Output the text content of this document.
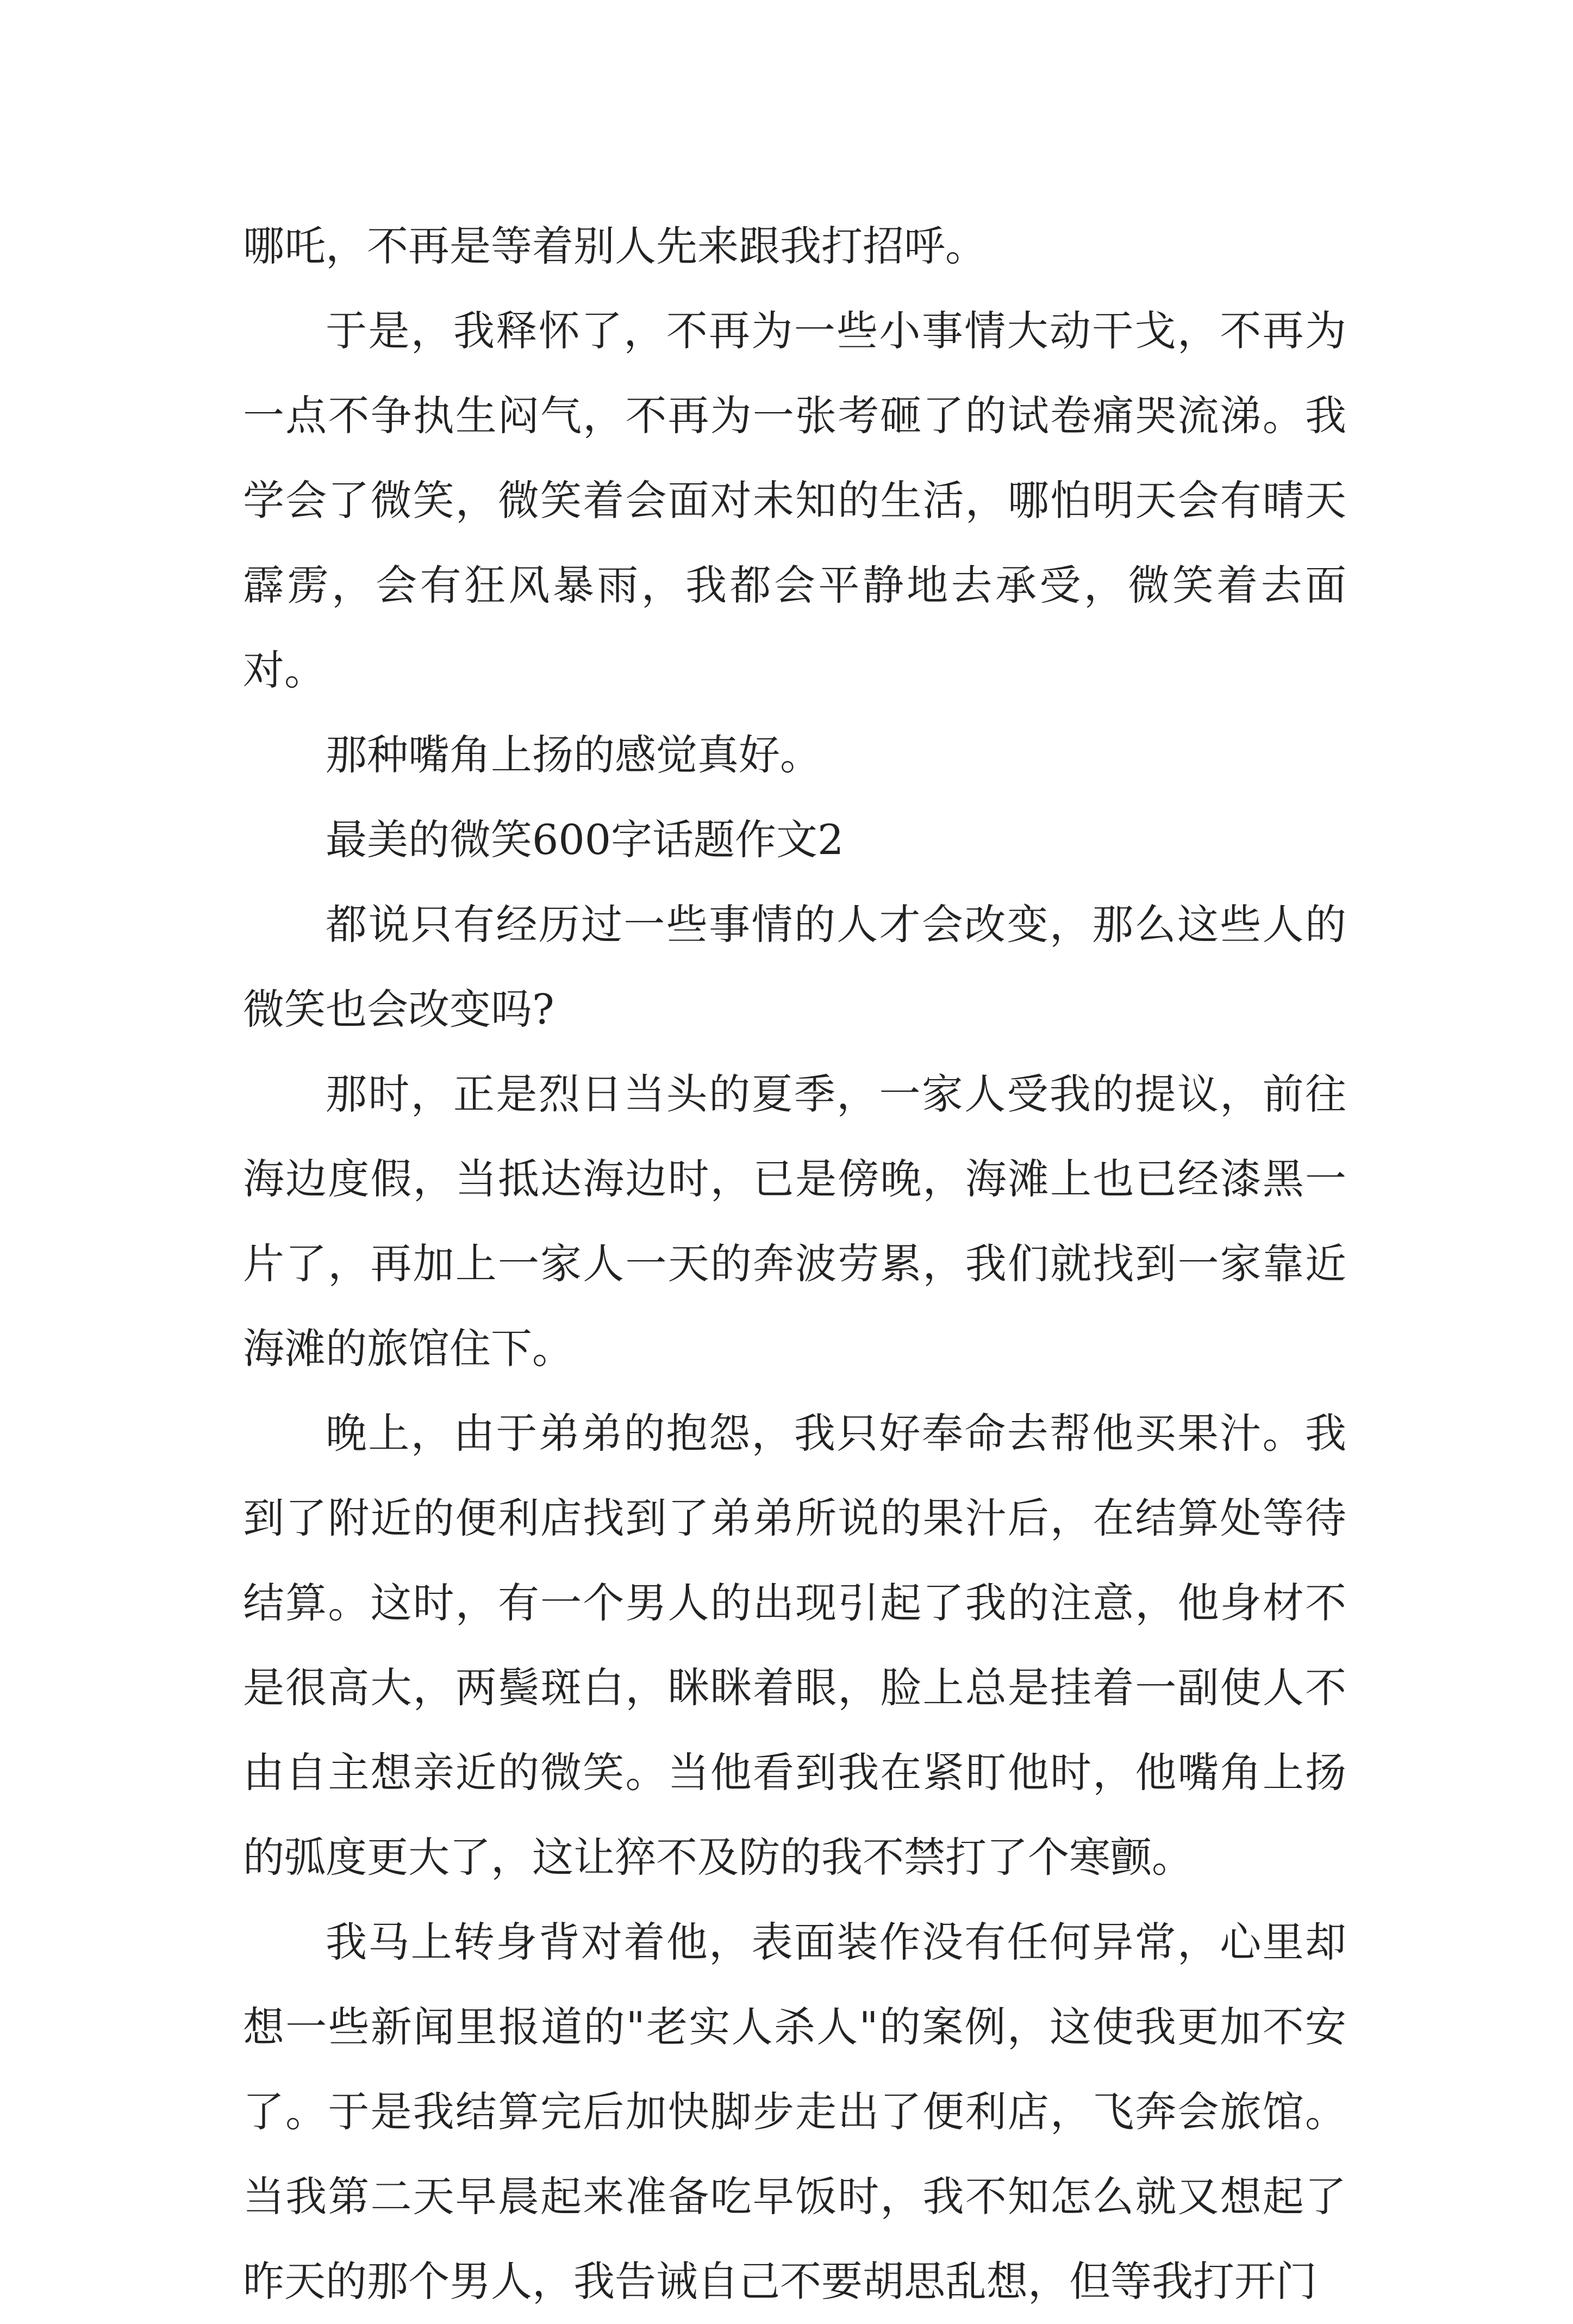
哪吒，不再是等着别人先来跟我打招呼。

于是，我释怀了，不再为一些小事情大动干戈，不再为一点不争执生闷气，不再为一张考砸了的试卷痛哭流涕。我学会了微笑，微笑着会面对未知的生活，哪怕明天会有晴天霹雳，会有狂风暴雨，我都会平静地去承受，微笑着去面对。

那种嘴角上扬的感觉真好。

最美的微笑600字话题作文2

都说只有经历过一些事情的人才会改变，那么这些人的微笑也会改变吗?

那时，正是烈日当头的夏季，一家人受我的提议，前往海边度假，当抵达海边时，已是傍晚，海滩上也已经漆黑一片了，再加上一家人一天的奔波劳累，我们就找到一家靠近海滩的旅馆住下。

晚上，由于弟弟的抱怨，我只好奉命去帮他买果汁。我到了附近的便利店找到了弟弟所说的果汁后，在结算处等待结算。这时，有一个男人的出现引起了我的注意，他身材不是很高大，两鬓斑白，眯眯着眼，脸上总是挂着一副使人不由自主想亲近的微笑。当他看到我在紧盯他时，他嘴角上扬的弧度更大了，这让猝不及防的我不禁打了个寒颤。

我马上转身背对着他，表面装作没有任何异常，心里却想一些新闻里报道的"老实人杀人"的案例，这使我更加不安了。于是我结算完后加快脚步走出了便利店，飞奔会旅馆。当我第二天早晨起来准备吃早饭时，我不知怎么就又想起了昨天的那个男人，我告诫自己不要胡思乱想，但等我打开门
